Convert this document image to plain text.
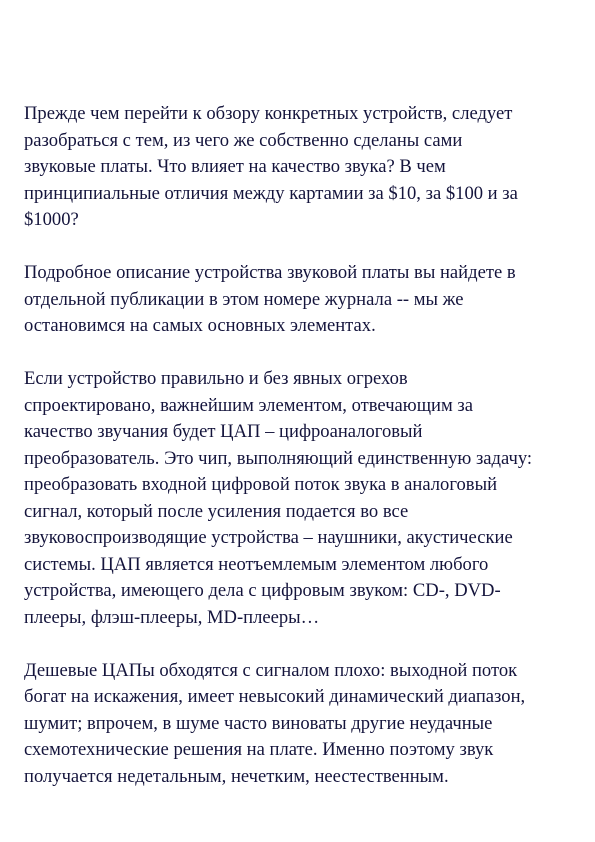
Прежде чем перейти к обзору конкретных устройств, следует
разобраться с тем, из чего же собственно сделаны сами
звуковые платы. Что влияет на качество звука? В чем
принципиальные отличия между картамии за $10, за $100 и за
$1000?

Подробное описание устройства звуковой платы вы найдете в
отдельной публикации в этом номере журнала -- мы же
остановимся на самых основных элементах.

Если устройство правильно и без явных огрехов
спроектировано, важнейшим элементом, отвечающим за
качество звучания будет ЦАП – цифроаналоговый
преобразователь. Это чип, выполняющий единственную задачу:
преобразовать входной цифровой поток звука в аналоговый
сигнал, который после усиления подается во все
звуковоспроизводящие устройства – наушники, акустические
системы. ЦАП является неотъемлемым элементом любого
устройства, имеющего дела с цифровым звуком: CD-, DVD-
плееры, флэш-плееры, MD-плееры…

Дешевые ЦАПы обходятся с сигналом плохо: выходной поток
богат на искажения, имеет невысокий динамический диапазон,
шумит; впрочем, в шуме часто виноваты другие неудачные
схемотехнические решения на плате. Именно поэтому звук
получается недетальным, нечетким, неестественным.
